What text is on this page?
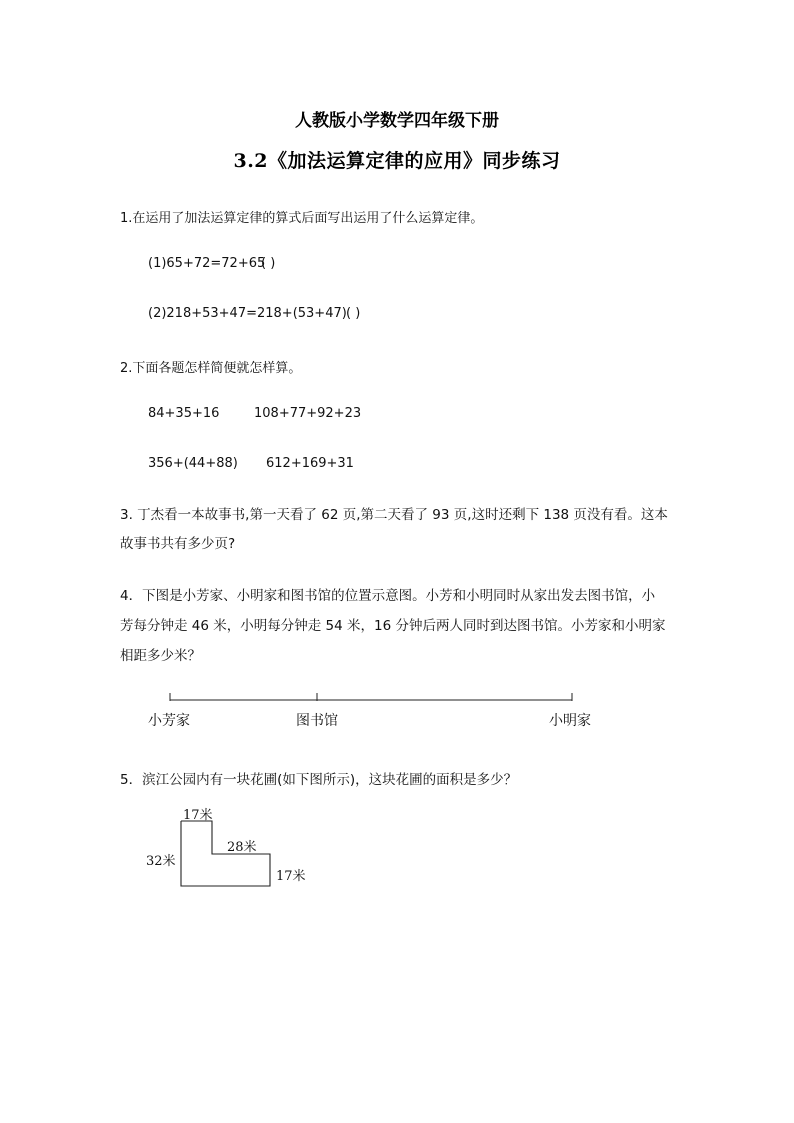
人教版小学数学四年级下册
3.2《加法运算定律的应用》同步练习
1.在运用了加法运算定律的算式后面写出运用了什么运算定律。
(1)65+72=72+65
( )
(2)218+53+47=218+(53+47) ( )
2.下面各题怎样简便就怎样算。
84+35+16	108+77+92+23
356+(44+88) 612+169+31
3. 丁杰看一本故事书,第一天看了 62 页,第二天看了 93 页,这时还剩下 138 页没有看。这本
故事书共有多少页?
4．下图是小芳家、小明家和图书馆的位置示意图。小芳和小明同时从家出发去图书馆，小
芳每分钟走 46 米，小明每分钟走 54 米，16 分钟后两人同时到达图书馆。小芳家和小明家
相距多少米？
小芳家	图书馆	小明家
5．滨江公园内有一块花圃(如下图所示)，这块花圃的面积是多少？
17米
32米
28米
17米
